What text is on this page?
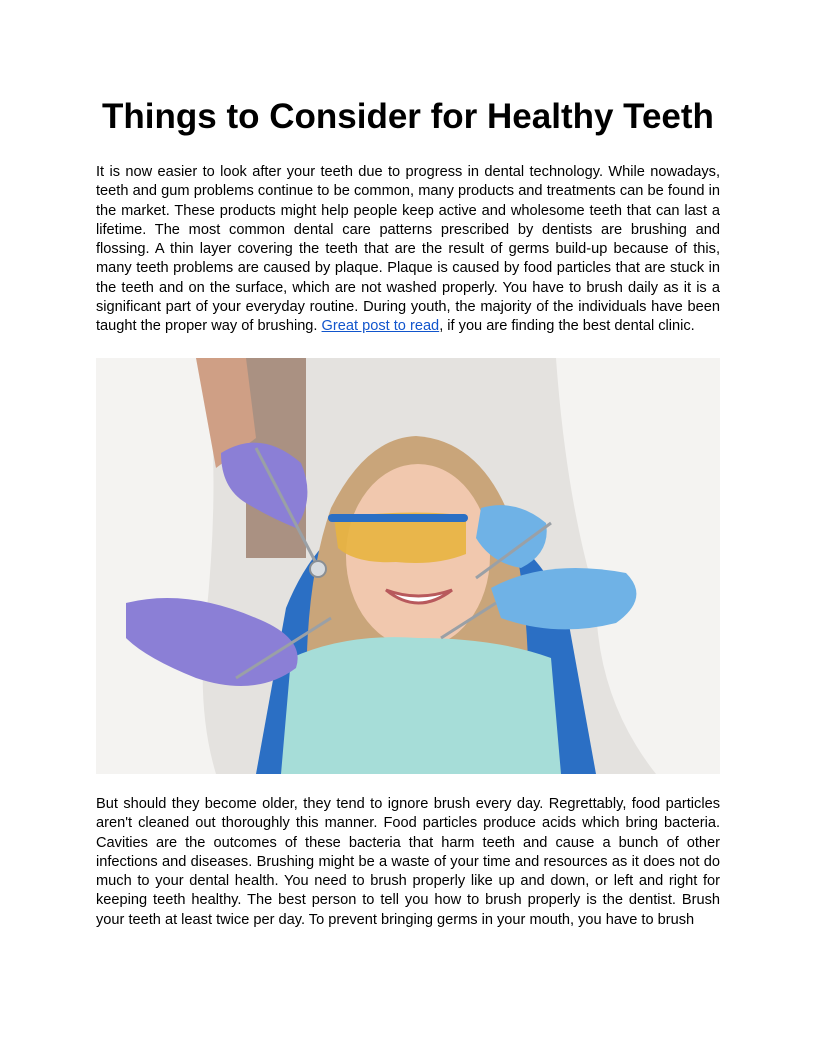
Things to Consider for Healthy Teeth

It is now easier to look after your teeth due to progress in dental technology. While nowadays, teeth and gum problems continue to be common, many products and treatments can be found in the market. These products might help people keep active and wholesome teeth that can last a lifetime. The most common dental care patterns prescribed by dentists are brushing and flossing. A thin layer covering the teeth that are the result of germs build-up because of this, many teeth problems are caused by plaque. Plaque is caused by food particles that are stuck in the teeth and on the surface, which are not washed properly. You have to brush daily as it is a significant part of your everyday routine. During youth, the majority of the individuals have been taught the proper way of brushing. Great post to read, if you are finding the best dental clinic.

But should they become older, they tend to ignore brush every day. Regrettably, food particles aren't cleaned out thoroughly this manner. Food particles produce acids which bring bacteria. Cavities are the outcomes of these bacteria that harm teeth and cause a bunch of other infections and diseases. Brushing might be a waste of your time and resources as it does not do much to your dental health. You need to brush properly like up and down, or left and right for keeping teeth healthy. The best person to tell you how to brush properly is the dentist. Brush your teeth at least twice per day. To prevent bringing germs in your mouth, you have to brush
